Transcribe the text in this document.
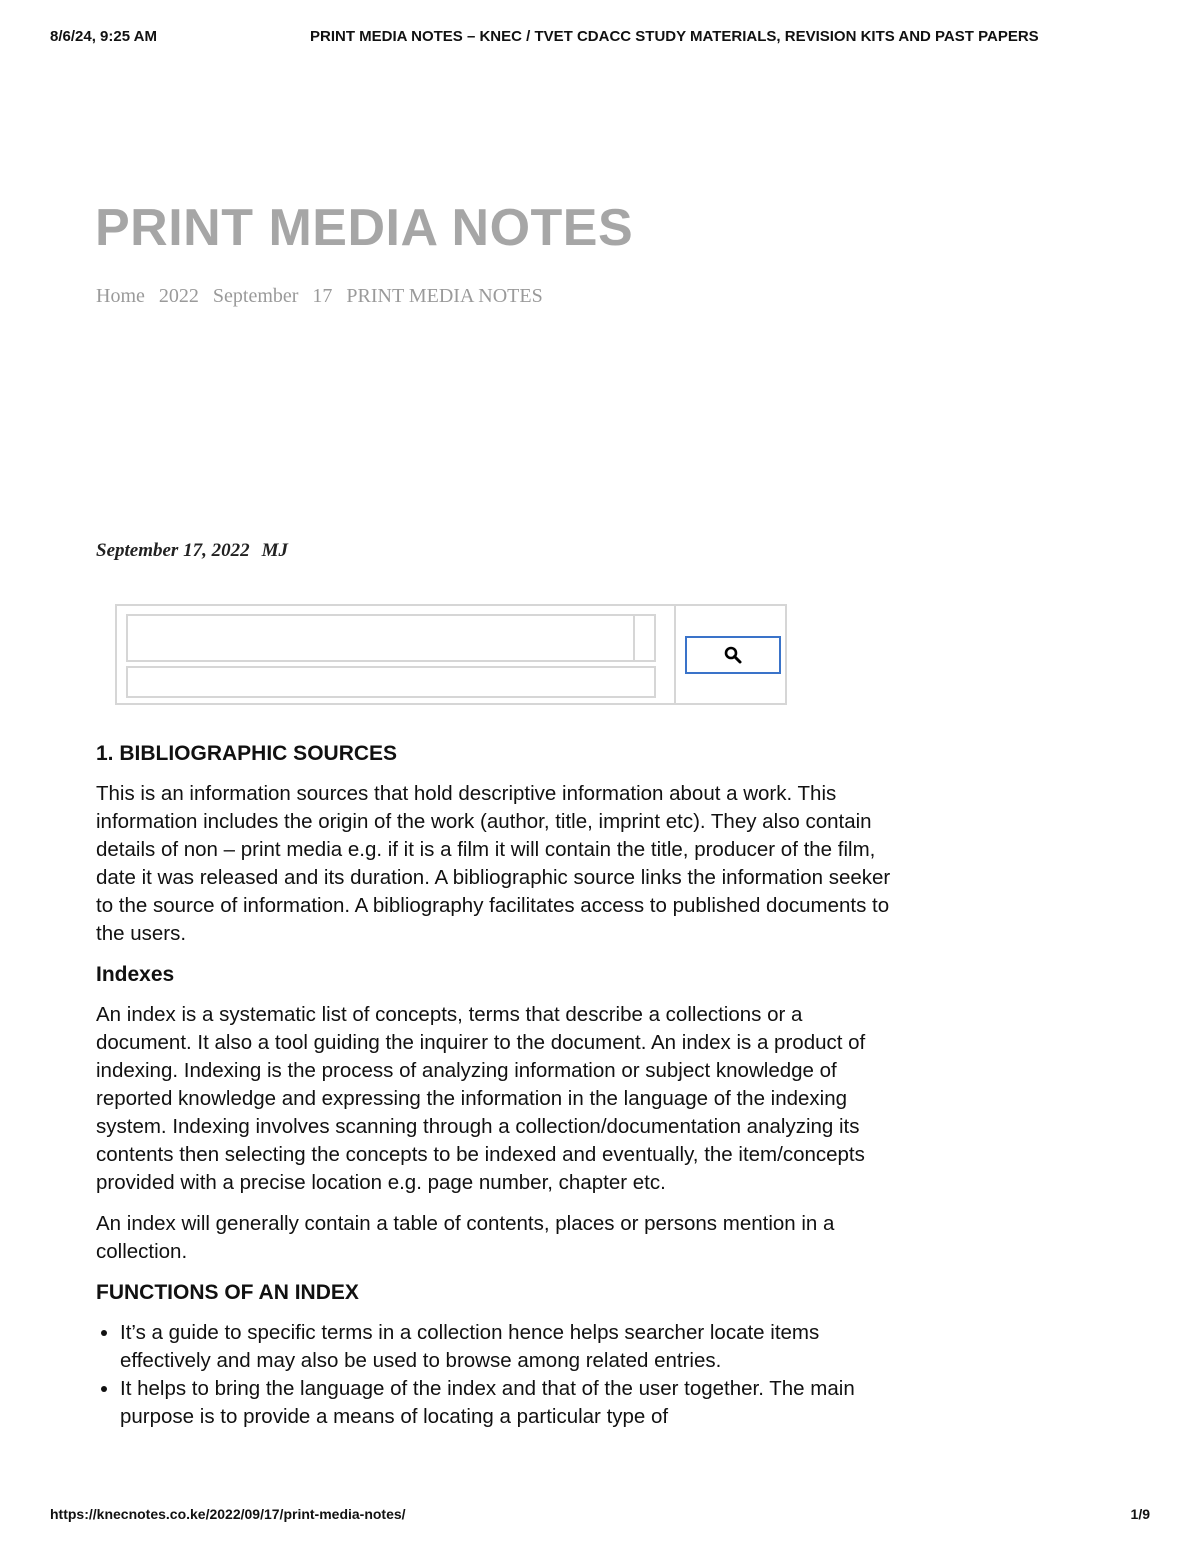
8/6/24, 9:25 AM	PRINT MEDIA NOTES – KNEC / TVET CDACC STUDY MATERIALS, REVISION KITS AND PAST PAPERS
PRINT MEDIA NOTES
Home 2022 September 17 PRINT MEDIA NOTES
September 17, 2022 MJ
1. BIBLIOGRAPHIC SOURCES

This is an information sources that hold descriptive information about a work. This information includes the origin of the work (author, title, imprint etc). They also contain details of non – print media e.g. if it is a film it will contain the title, producer of the film, date it was released and its duration. A bibliographic source links the information seeker to the source of information. A bibliography facilitates access to published documents to the users.

Indexes

An index is a systematic list of concepts, terms that describe a collections or a document. It also a tool guiding the inquirer to the document. An index is a product of indexing. Indexing is the process of analyzing information or subject knowledge of reported knowledge and expressing the information in the language of the indexing system. Indexing involves scanning through a collection/documentation analyzing its contents then selecting the concepts to be indexed and eventually, the item/concepts provided with a precise location e.g. page number, chapter etc.

An index will generally contain a table of contents, places or persons mention in a collection.

FUNCTIONS OF AN INDEX
• It’s a guide to specific terms in a collection hence helps searcher locate items effectively and may also be used to browse among related entries.
• It helps to bring the language of the index and that of the user together. The main purpose is to provide a means of locating a particular type of
https://knecnotes.co.ke/2022/09/17/print-media-notes/	1/9
